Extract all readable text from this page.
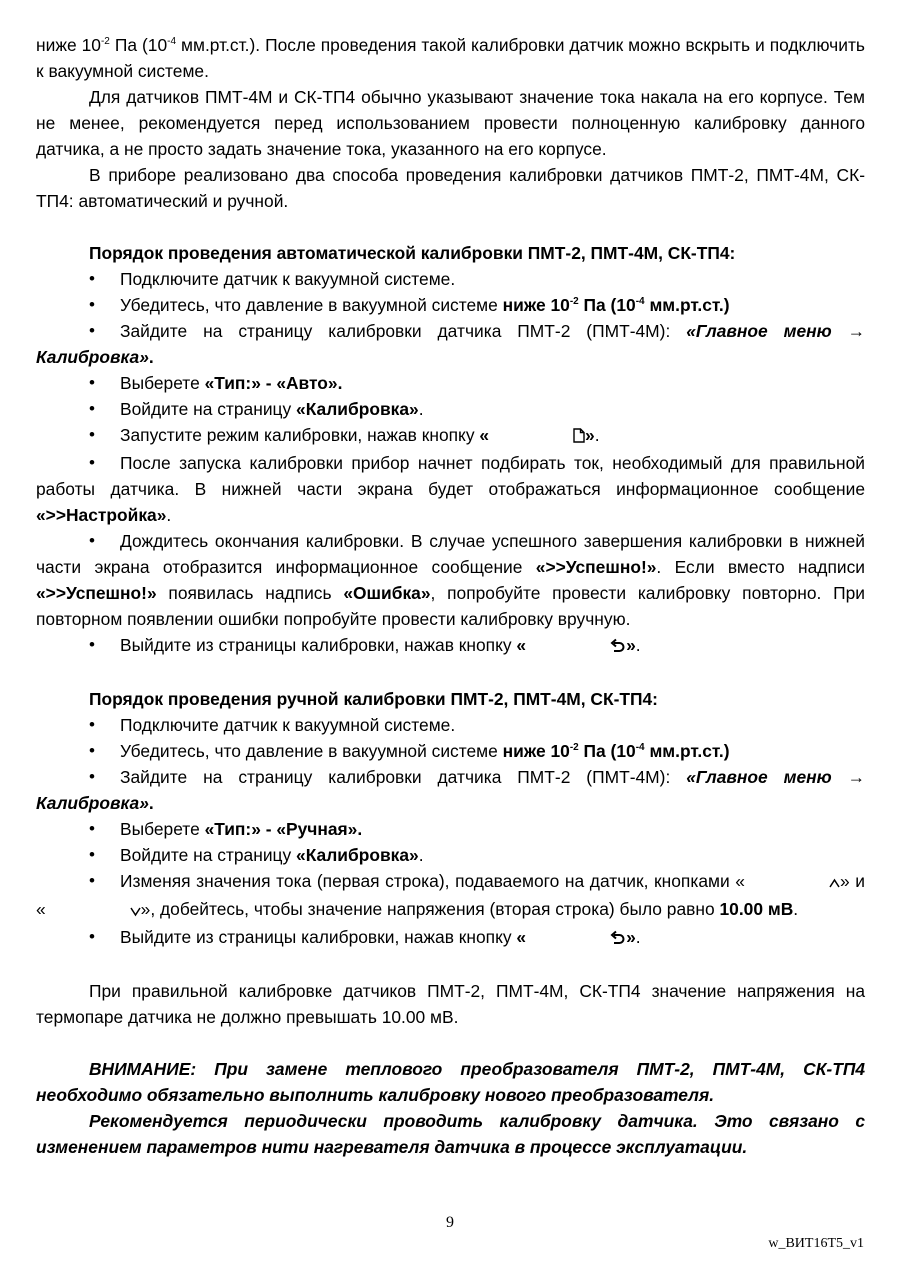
ниже $10^{-2}$ Па ($10^{-4}$ мм.рт.ст.). После проведения такой калибровки датчик можно вскрыть и подключить к вакуумной системе.

Для датчиков ПМТ-4М и СК-ТП4 обычно указывают значение тока накала на его корпусе. Тем не менее, рекомендуется перед использованием провести полноценную калибровку данного датчика, а не просто задать значение тока, указанного на его корпусе.

В приборе реализовано два способа проведения калибровки датчиков ПМТ-2, ПМТ-4М, СК-ТП4: автоматический и ручной.

Порядок проведения автоматической калибровки ПМТ-2, ПМТ-4М, СК-ТП4:

• Подключите датчик к вакуумной системе.
• Убедитесь, что давление в вакуумной системе ниже $10^{-2}$ Па ($10^{-4}$ мм.рт.ст.)
• Зайдите на страницу калибровки датчика ПМТ-2 (ПМТ-4М): «Главное меню → Калибровка».
• Выберете «Тип:» - «Авто».
• Войдите на страницу «Калибровка».
• Запустите режим калибровки, нажав кнопку «	».
• После запуска калибровки прибор начнет подбирать ток, необходимый для правильной работы датчика. В нижней части экрана будет отображаться информационное сообщение «>>Настройка».
• Дождитесь окончания калибровки. В случае успешного завершения калибровки в нижней части экрана отобразится информационное сообщение «>>Успешно!». Если вместо надписи «>>Успешно!» появилась надпись «Ошибка», попробуйте провести калибровку повторно. При повторном появлении ошибки попробуйте провести калибровку вручную.
• Выйдите из страницы калибровки, нажав кнопку «	».

Порядок проведения ручной калибровки ПМТ-2, ПМТ-4М, СК-ТП4:

• Подключите датчик к вакуумной системе.
• Убедитесь, что давление в вакуумной системе ниже $10^{-2}$ Па ($10^{-4}$ мм.рт.ст.)
• Зайдите на страницу калибровки датчика ПМТ-2 (ПМТ-4М): «Главное меню → Калибровка».
• Выберете «Тип:» - «Ручная».
• Войдите на страницу «Калибровка».
• Изменяя значения тока (первая строка), подаваемого на датчик, кнопками «	» и «	», добейтесь, чтобы значение напряжения (вторая строка) было равно 10.00 мВ.
• Выйдите из страницы калибровки, нажав кнопку «	».

При правильной калибровке датчиков ПМТ-2, ПМТ-4М, СК-ТП4 значение напряжения на термопаре датчика не должно превышать 10.00 мВ.

ВНИМАНИЕ: При замене теплового преобразователя ПМТ-2, ПМТ-4М, СК-ТП4 необходимо обязательно выполнить калибровку нового преобразователя.

Рекомендуется периодически проводить калибровку датчика. Это связано с изменением параметров нити нагревателя датчика в процессе эксплуатации.

9
w_ВИТ16Т5_v1
